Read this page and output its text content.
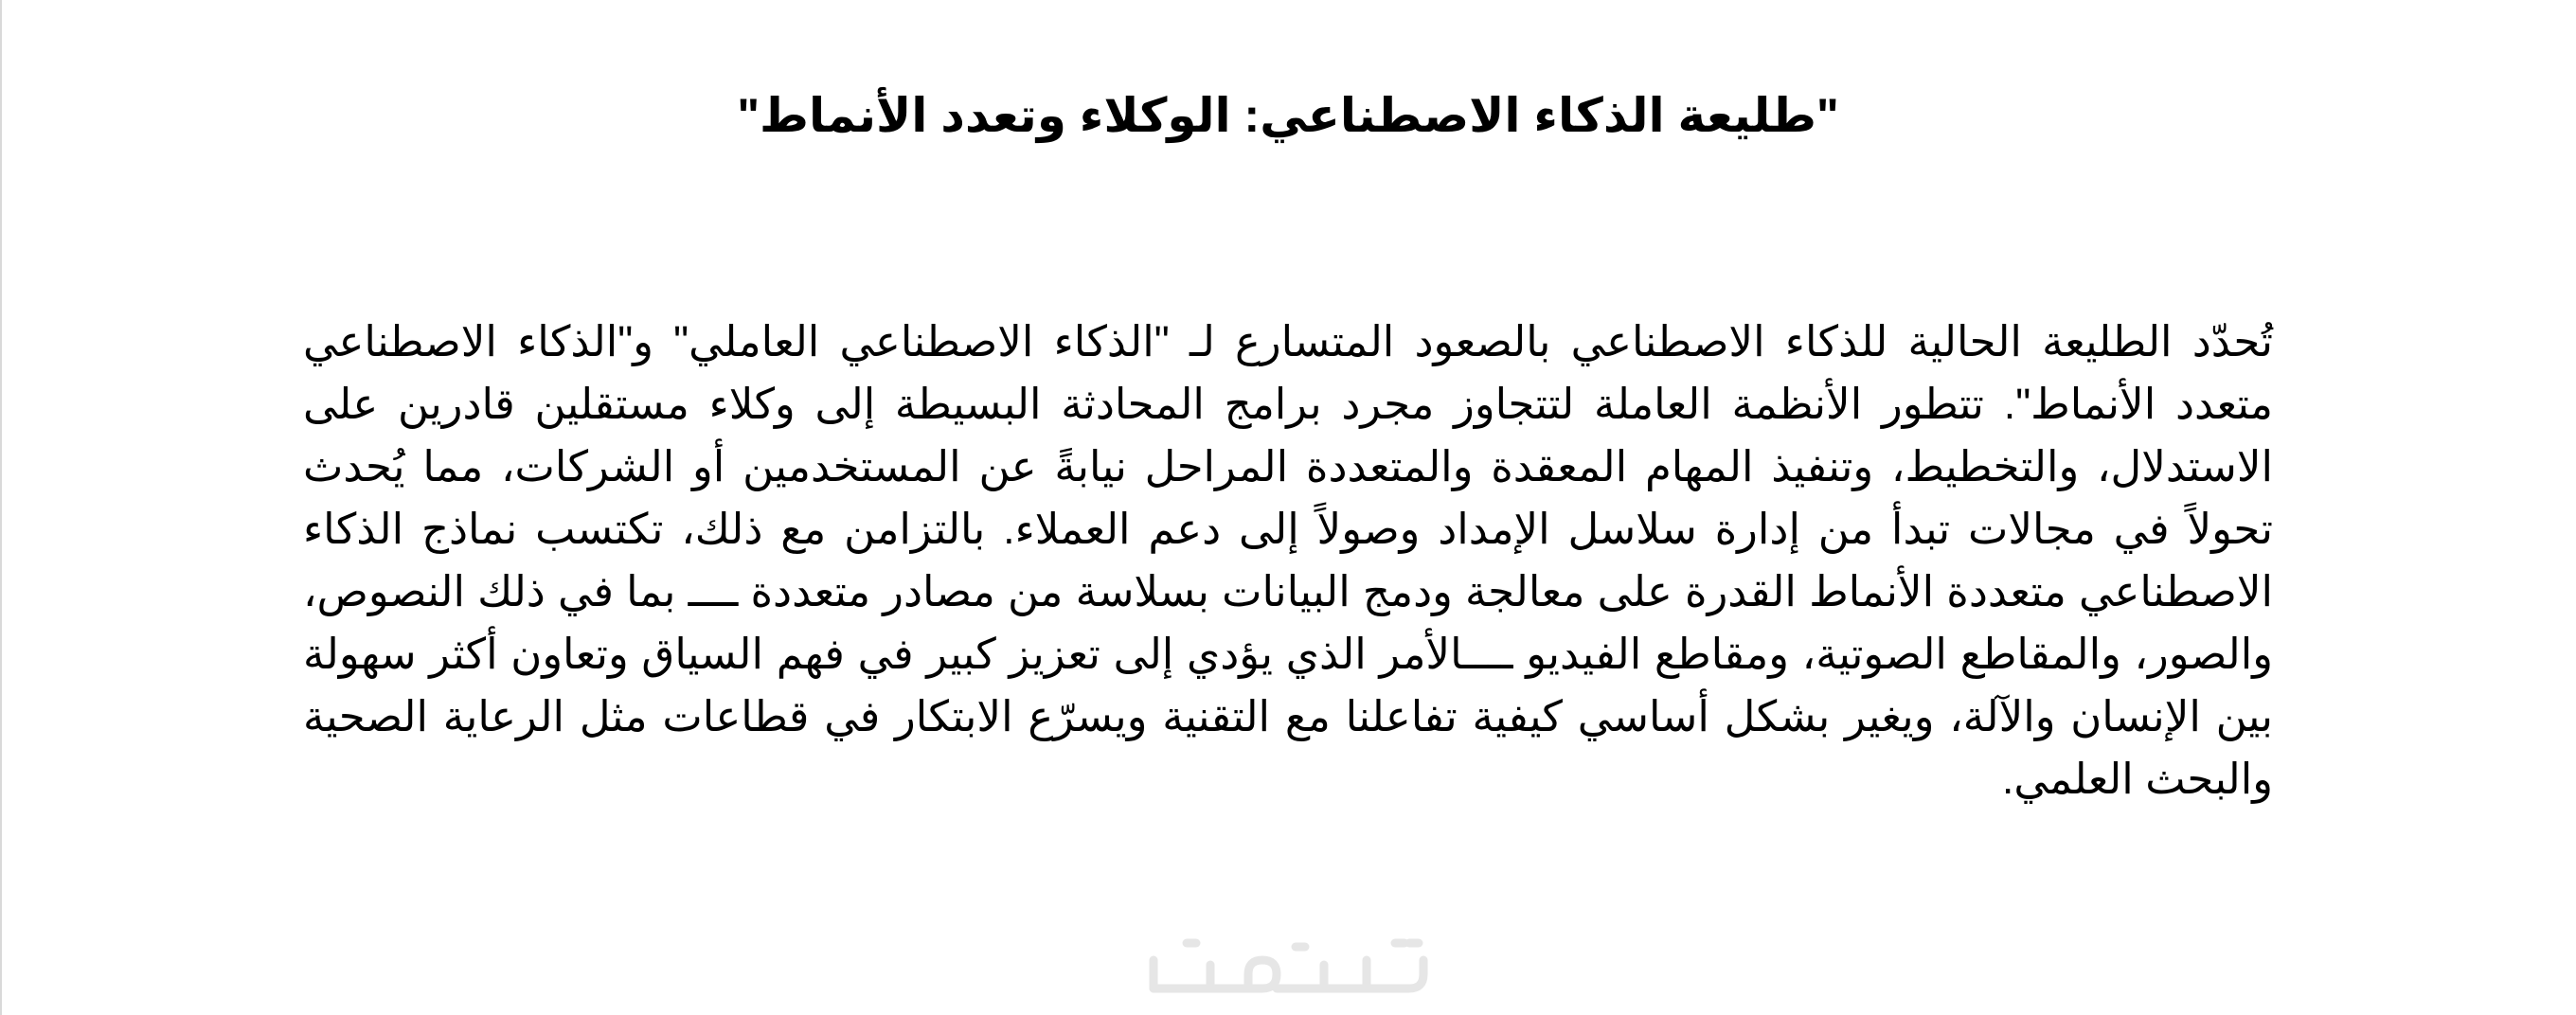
"طليعة الذكاء الاصطناعي: الوكلاء وتعدد الأنماط"

تُحدّد الطليعة الحالية للذكاء الاصطناعي بالصعود المتسارع لـ "الذكاء الاصطناعي العاملي" و"الذكاء الاصطناعي متعدد الأنماط". تتطور الأنظمة العاملة لتتجاوز مجرد برامج المحادثة البسيطة إلى وكلاء مستقلين قادرين على الاستدلال، والتخطيط، وتنفيذ المهام المعقدة والمتعددة المراحل نيابةً عن المستخدمين أو الشركات، مما يُحدث تحولاً في مجالات تبدأ من إدارة سلاسل الإمداد وصولاً إلى دعم العملاء. بالتزامن مع ذلك، تكتسب نماذج الذكاء الاصطناعي متعددة الأنماط القدرة على معالجة ودمج البيانات بسلاسة من مصادر متعددة ــــ بما في ذلك النصوص، والصور، والمقاطع الصوتية، ومقاطع الفيديو ــــالأمر الذي يؤدي إلى تعزيز كبير في فهم السياق وتعاون أكثر سهولة بين الإنسان والآلة، ويغير بشكل أساسي كيفية تفاعلنا مع التقنية ويسرّع الابتكار في قطاعات مثل الرعاية الصحية والبحث العلمي.
